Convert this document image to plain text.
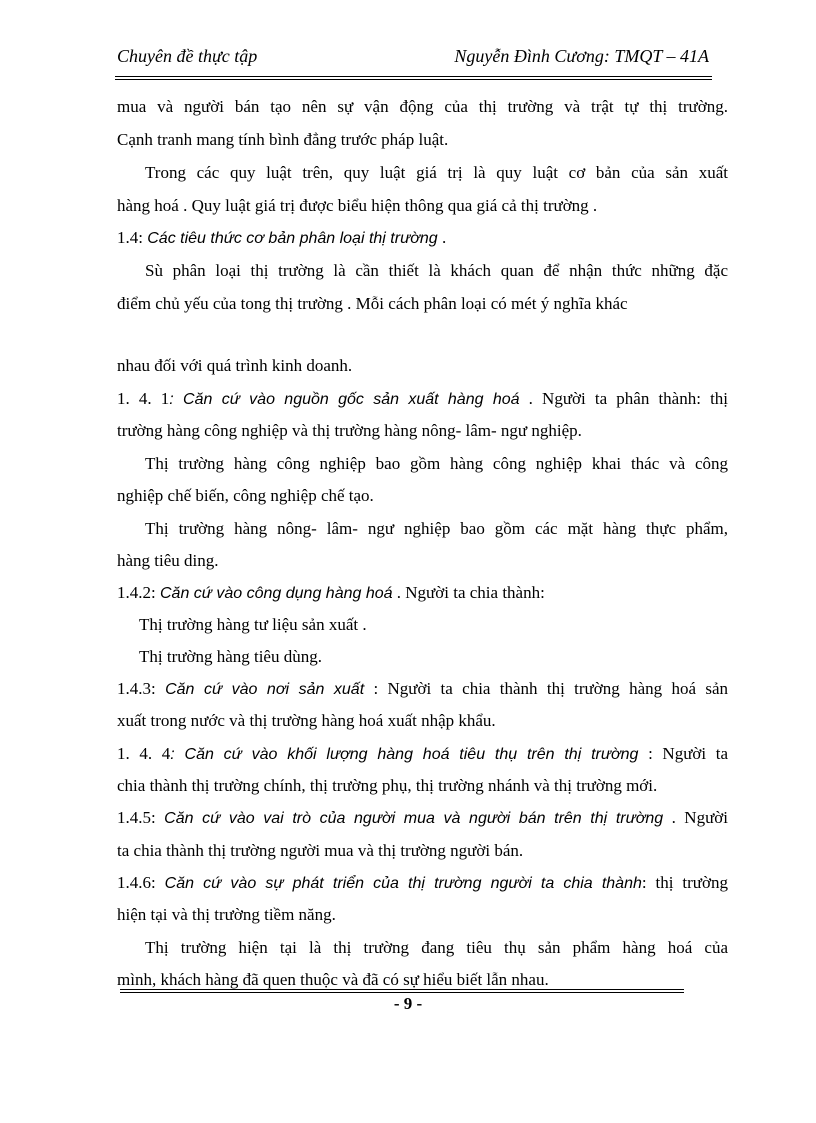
Chuyên đề thực tập	Nguyễn Đình Cương: TMQT – 41A
mua và người bán tạo nên sự vận động của thị trường và trật tự thị trường.
Cạnh tranh mang tính bình đẳng trước pháp luật.
Trong các quy luật trên, quy luật giá trị là quy luật cơ bản của sản xuất
hàng hoá . Quy luật giá trị được biểu hiện thông qua giá cả thị trường .
1.4: Các tiêu thức cơ bản phân loại thị trường .
Sù phân loại thị trường là cần thiết là khách quan để nhận thức những đặc
điểm chủ yếu của tong thị trường . Mỗi cách phân loại có mét ý nghĩa khác
nhau đối với quá trình kinh doanh.
1. 4. 1: Căn cứ vào nguồn gốc sản xuất hàng hoá . Người ta phân thành: thị
trường hàng công nghiệp và thị trường hàng nông- lâm- ngư nghiệp.
Thị trường hàng công nghiệp bao gồm hàng công nghiệp khai thác và công
nghiệp chế biến, công nghiệp chế tạo.
Thị trường hàng nông- lâm- ngư nghiệp bao gồm các mặt hàng thực phẩm,
hàng tiêu ding.
1.4.2: Căn cứ vào công dụng hàng hoá . Người ta chia thành:
Thị trường hàng tư liệu sản xuất .
Thị trường hàng tiêu dùng.
1.4.3: Căn cứ vào nơi sản xuất : Người ta chia thành thị trường hàng hoá sản
xuất trong nước và thị trường hàng hoá xuất nhập khẩu.
1. 4. 4: Căn cứ vào khối lượng hàng hoá tiêu thụ trên thị trường : Người ta
chia thành thị trường chính, thị trường phụ, thị trường nhánh và thị trường mới.
1.4.5: Căn cứ vào vai trò của người mua và người bán trên thị trường . Người
ta chia thành thị trường người mua và thị trường người bán.
1.4.6: Căn cứ vào sự phát triển của thị trường người ta chia thành: thị trường
hiện tại và thị trường tiềm năng.
Thị trường hiện tại là thị trường đang tiêu thụ sản phẩm hàng hoá của
mình, khách hàng đã quen thuộc và đã có sự hiểu biết lẫn nhau.
- 9 -
